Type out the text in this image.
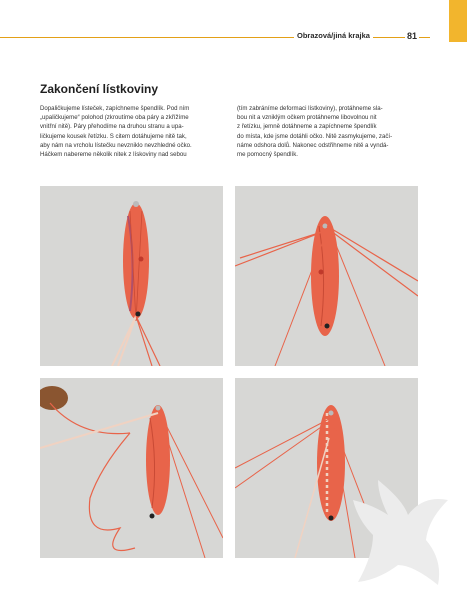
Obrazová/jiná krajka	81
Zakončení lístkoviny
Dopaličkujeme lísteček, zapíchneme špendlík. Pod ním
„upaličkujeme“ polohod (zkroutíme oba páry a zkřížíme
vnitřní nitě). Páry přehodíme na druhou stranu a upa-
ličkujeme kousek řetízku. S citem dotáhujeme nitě tak,
aby nám na vrcholu lístečku nevzniklo nevzhledné očko.
Háčkem nabereme několik nitek z lískoviny nad sebou
(tím zabráníme deformaci lístkoviny), protáhneme sla-
bou nit a vzniklým očkem protáhneme libovolnou nit
z řetízku, jemně dotáhneme a zapíchneme špendlík
do místa, kde jsme dotáhli očko. Nitě zasmykujeme, začí-
náme odshora dolů. Nakonec odstřihneme nitě a vyndá-
me pomocný špendlík.
